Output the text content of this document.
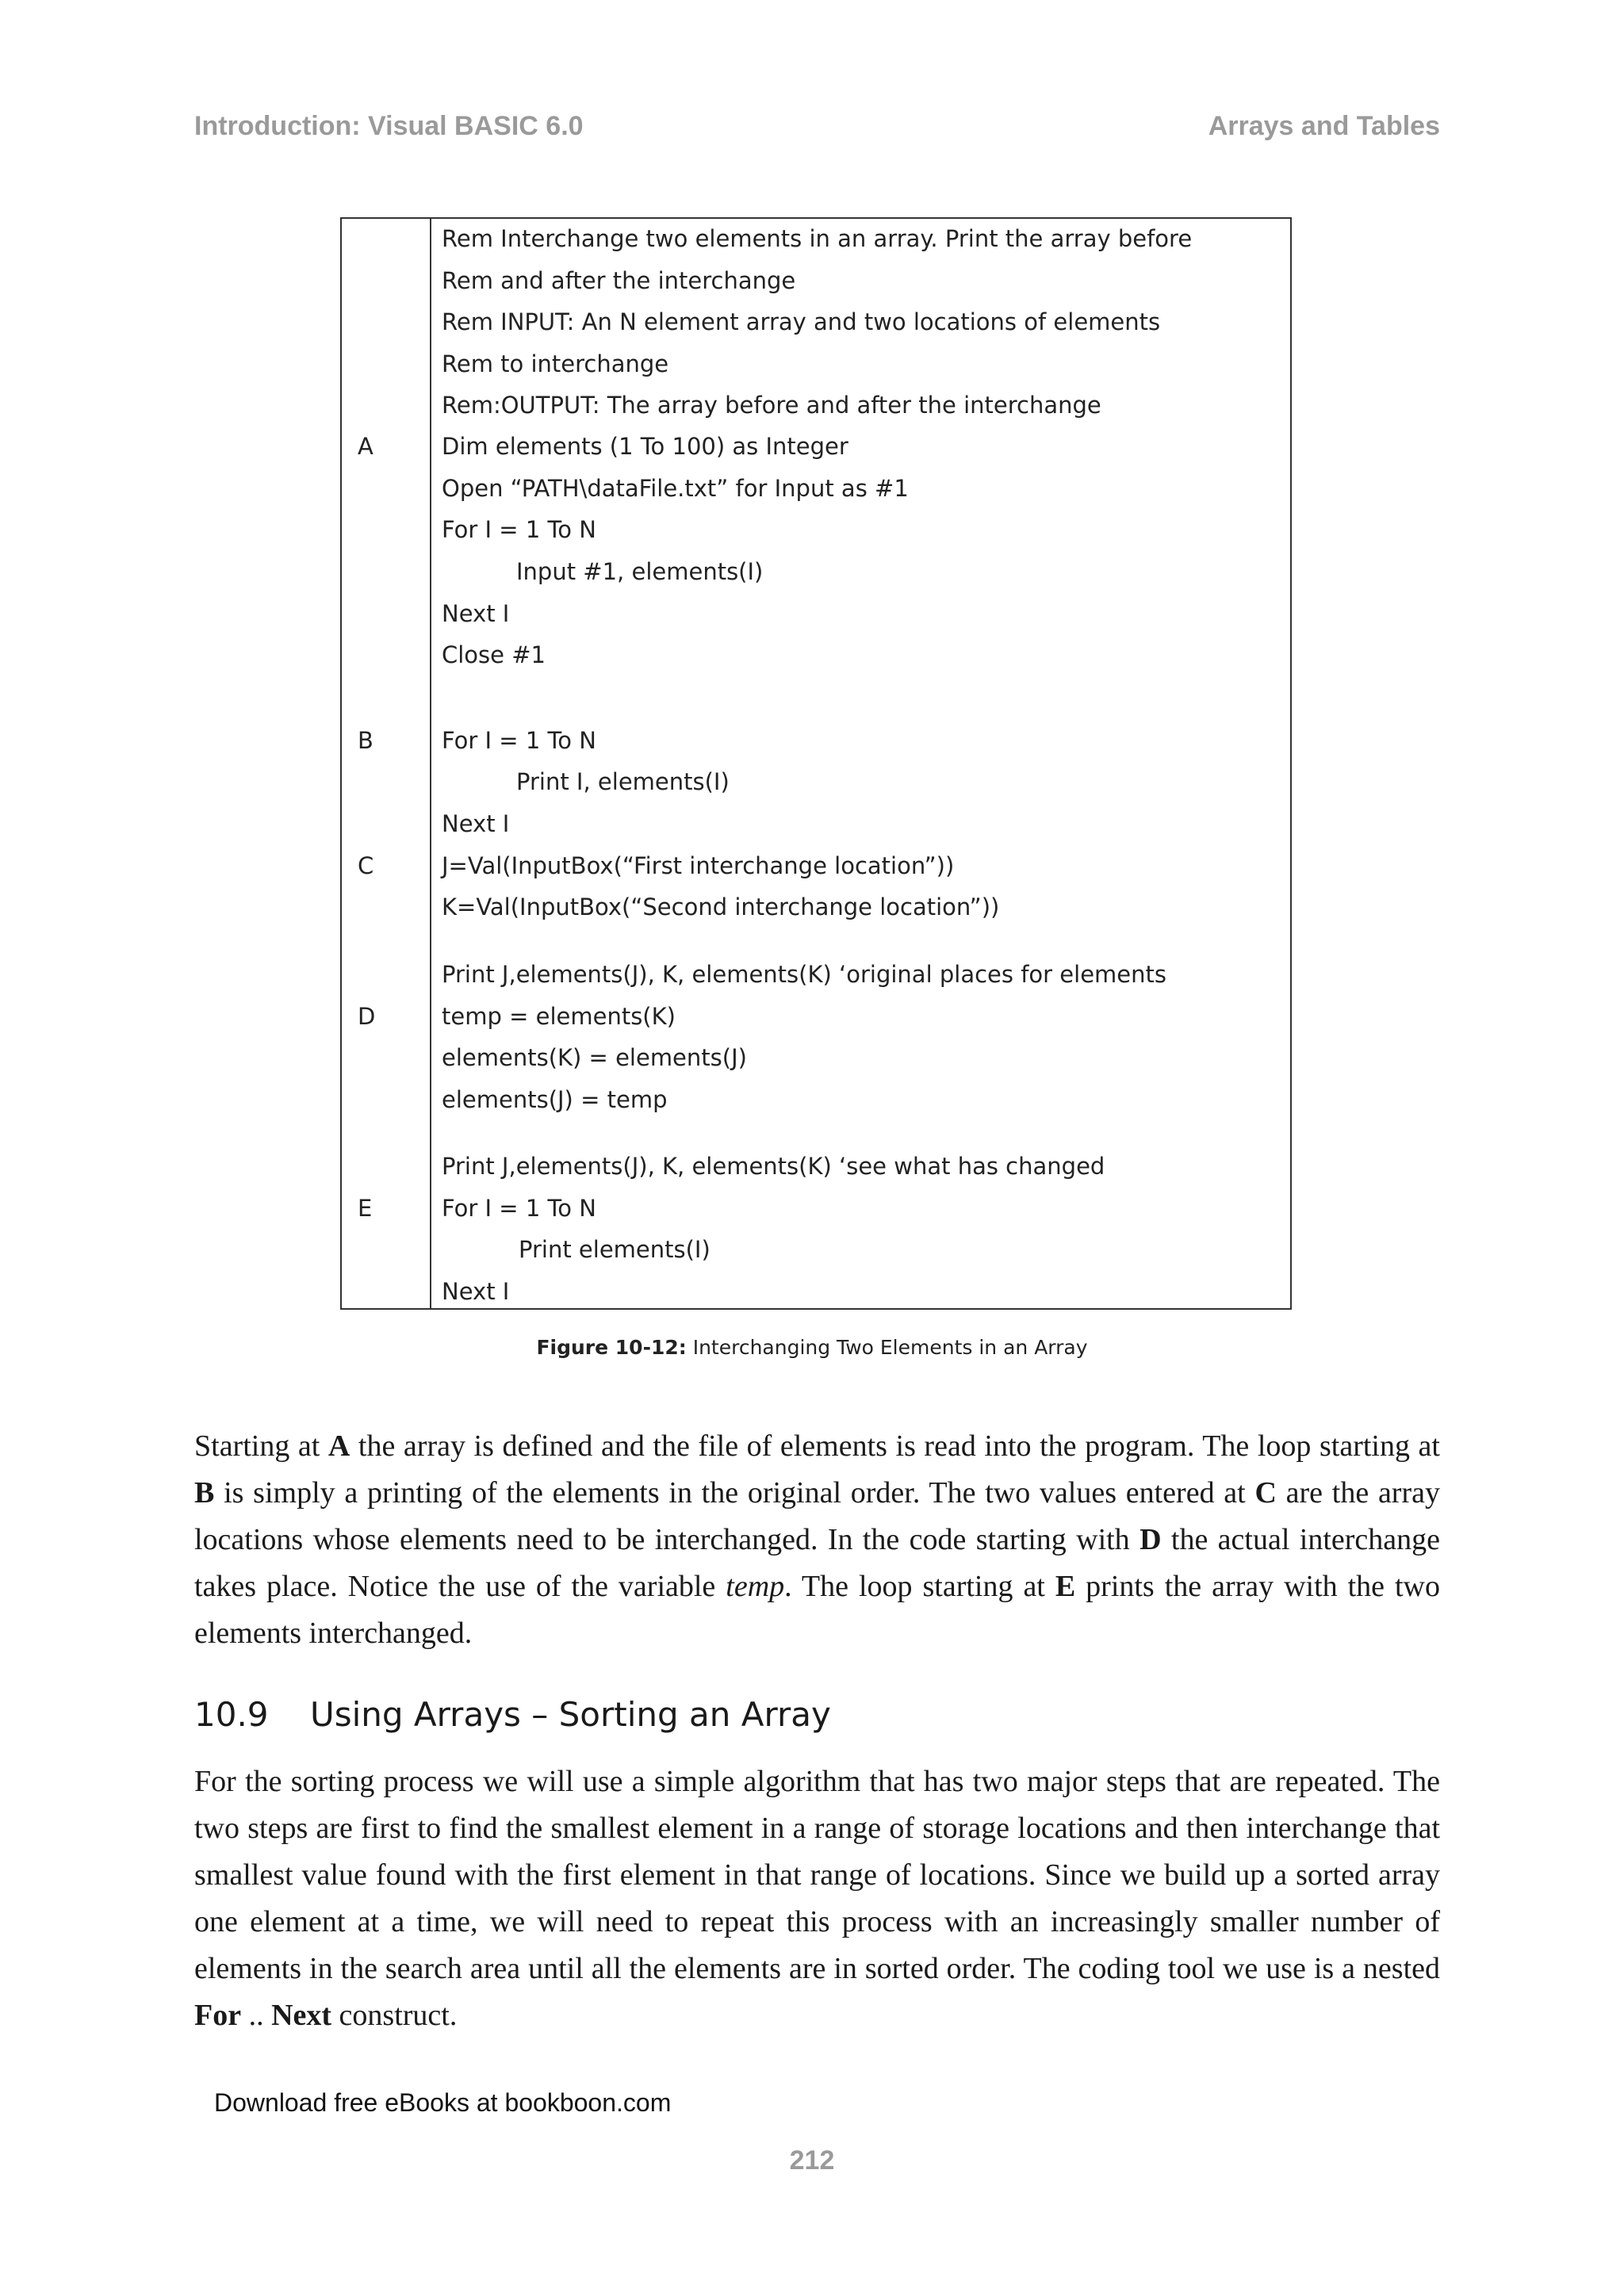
Introduction: Visual BASIC 6.0	Arrays and Tables
A
B
C
D
E
Rem Interchange two elements in an array. Print the array before
Rem and after the interchange
Rem INPUT: An N element array and two locations of elements
Rem to interchange
Rem:OUTPUT: The array before and after the interchange
Dim elements (1 To 100) as Integer
Open “PATH\dataFile.txt” for Input as #1
For I = 1 To N
Input #1, elements(I)
Next I
Close #1
For I = 1 To N
Print I, elements(I)
Next I
J=Val(InputBox(“First interchange location”))
K=Val(InputBox(“Second interchange location”))
Print J,elements(J), K, elements(K) ‘original places for elements
temp = elements(K)
elements(K) = elements(J)
elements(J) = temp
Print J,elements(J), K, elements(K) ‘see what has changed
For I = 1 To N
Print elements(I)
Next I
Figure 10-12: Interchanging Two Elements in an Array

Starting at A the array is defined and the file of elements is read into the program. The loop starting at B is simply a printing of the elements in the original order. The two values entered at C are the array locations whose elements need to be interchanged. In the code starting with D the actual interchange takes place. Notice the use of the variable temp. The loop starting at E prints the array with the two elements interchanged.

10.9 Using Arrays – Sorting an Array

For the sorting process we will use a simple algorithm that has two major steps that are repeated. The two steps are first to find the smallest element in a range of storage locations and then interchange that smallest value found with the first element in that range of locations. Since we build up a sorted array one element at a time, we will need to repeat this process with an increasingly smaller number of elements in the search area until all the elements are in sorted order. The coding tool we use is a nested For .. Next construct.

Download free eBooks at bookboon.com
212
